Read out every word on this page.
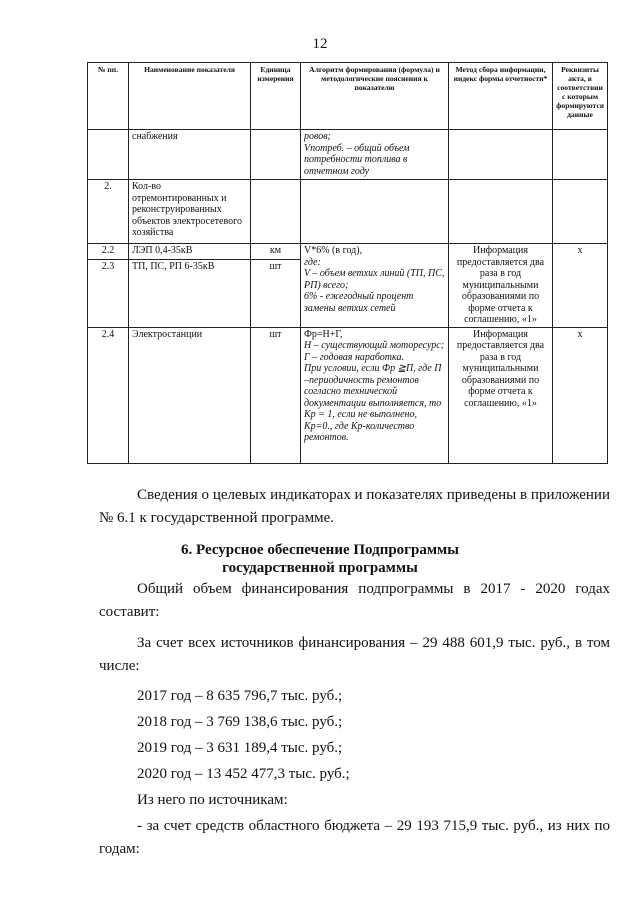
12
№ пп.	Наименование показателя	Единица измерения	Алгоритм формирования (формула) и методологические пояснения к показателю	Метод сбора информации, индекс формы отчетности*	Реквизиты акта, в соответствии с которым формируются данные
	снабжения		ровов;
Vпотреб. – общий объем
потребности топлива в
отчетном году		

2.	Кол-во отремонтированных и реконструированных объектов электросетевого хозяйства				
2.2	ЛЭП 0,4-35кВ	км	V*6% (в год),
где:
V – объем ветхих линий (ТП, ПС, РП) всего;
6% - ежегодный процент замены ветхих сетей	Информация предоставляется два раза в год муниципальными образованиями по форме отчета к соглашению, «1»	х
2.3	ТП, ПС, РП 6-35кВ	шт			
2.4	Электростанции	шт	Фр=Н+Г,
Н – существующий моторесурс;
Г – годовая наработка.
При условии, если Фр ≧П, где П –периодичность ремонтов согласно технической документации выполняется, то Кр = 1, если не выполнено, Кр=0., где Кр-количество ремонтов.	Информация предоставляется два раза в год муниципальными образованиями по форме отчета к соглашению, «1»	х
Сведения о целевых индикаторах и показателях приведены в приложении № 6.1 к государственной программе.
6. Ресурсное обеспечение Подпрограммы
государственной программы
Общий объем финансирования подпрограммы в 2017 - 2020 годах составит:
За счет всех источников финансирования – 29 488 601,9 тыс. руб., в том числе:
2017 год – 8 635 796,7 тыс. руб.;
2018 год – 3 769 138,6 тыс. руб.;
2019 год – 3 631 189,4 тыс. руб.;
2020 год – 13 452 477,3 тыс. руб.;
Из него по источникам:
- за счет средств областного бюджета – 29 193 715,9 тыс. руб., из них по годам:
